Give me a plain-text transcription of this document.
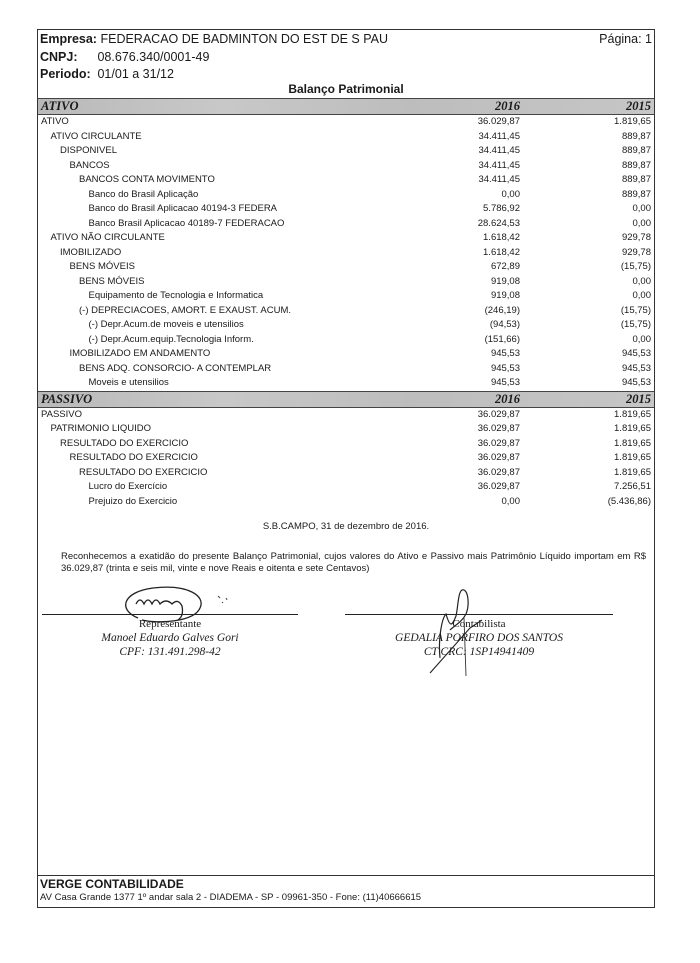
Empresa: FEDERACAO DE BADMINTON DO EST DE S PAU	Página: 1
CNPJ: 08.676.340/0001-49
Periodo: 01/01 a 31/12
Balanço Patrimonial
ATIVO	2016	2015
ATIVO	36.029,87	1.819,65
ATIVO CIRCULANTE	34.411,45	889,87
DISPONIVEL	34.411,45	889,87
BANCOS	34.411,45	889,87
BANCOS CONTA MOVIMENTO	34.411,45	889,87
Banco do Brasil Aplicação	0,00	889,87
Banco do Brasil Aplicacao 40194-3 FEDERA	5.786,92	0,00
Banco Brasil Aplicacao 40189-7 FEDERACAO	28.624,53	0,00
ATIVO NÃO CIRCULANTE	1.618,42	929,78
IMOBILIZADO	1.618,42	929,78
BENS MÓVEIS	672,89	(15,75)
BENS MÓVEIS	919,08	0,00
Equipamento de Tecnologia e Informatica	919,08	0,00
(-) DEPRECIACOES, AMORT. E EXAUST. ACUM.	(246,19)	(15,75)
(-) Depr.Acum.de moveis e utensilios	(94,53)	(15,75)
(-) Depr.Acum.equip.Tecnologia Inform.	(151,66)	0,00
IMOBILIZADO EM ANDAMENTO	945,53	945,53
BENS ADQ. CONSORCIO- A CONTEMPLAR	945,53	945,53
Moveis e utensilios	945,53	945,53
PASSIVO	2016	2015
PASSIVO	36.029,87	1.819,65
PATRIMONIO LIQUIDO	36.029,87	1.819,65
RESULTADO DO EXERCICIO	36.029,87	1.819,65
RESULTADO DO EXERCICIO	36.029,87	1.819,65
RESULTADO DO EXERCICIO	36.029,87	1.819,65
Lucro do Exercício	36.029,87	7.256,51
Prejuizo do Exercicio	0,00	(5.436,86)
S.B.CAMPO, 31 de dezembro de 2016.
Reconhecemos a exatidão do presente Balanço Patrimonial, cujos valores do Ativo e Passivo mais Patrimônio Líquido importam em R$ 36.029,87 (trinta e seis mil, vinte e nove Reais e oitenta e sete Centavos)
Representante
Manoel Eduardo Galves Gori
CPF: 131.491.298-42
Contabilista
GEDALIA PORFIRO DOS SANTOS
CT CRC: 1SP14941409
VERGE CONTABILIDADE
AV Casa Grande 1377 1º andar sala 2 - DIADEMA - SP - 09961-350 - Fone: (11)40666615
